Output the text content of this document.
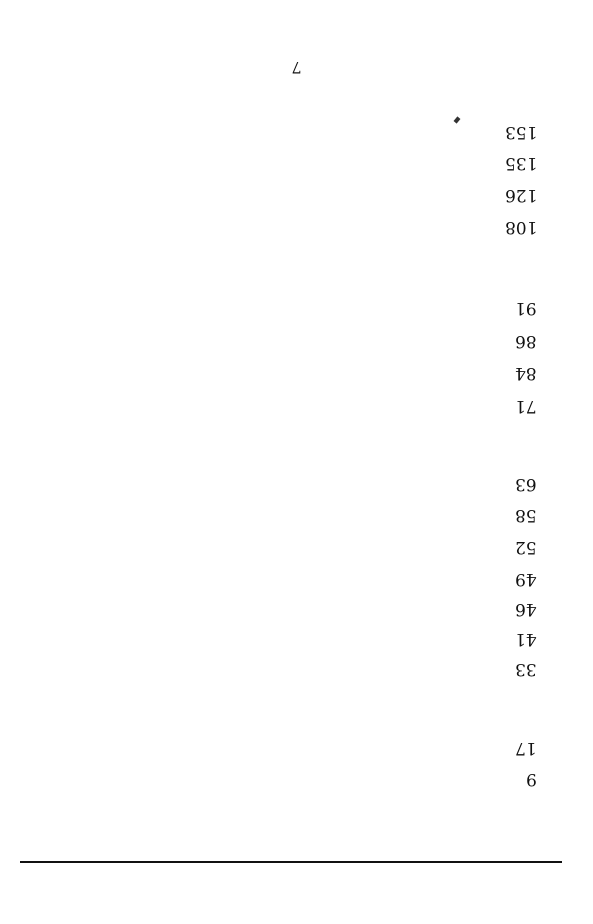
7
153
135
126
108
91
86
84
71
63
58
52
49
46
41
33
17
9
